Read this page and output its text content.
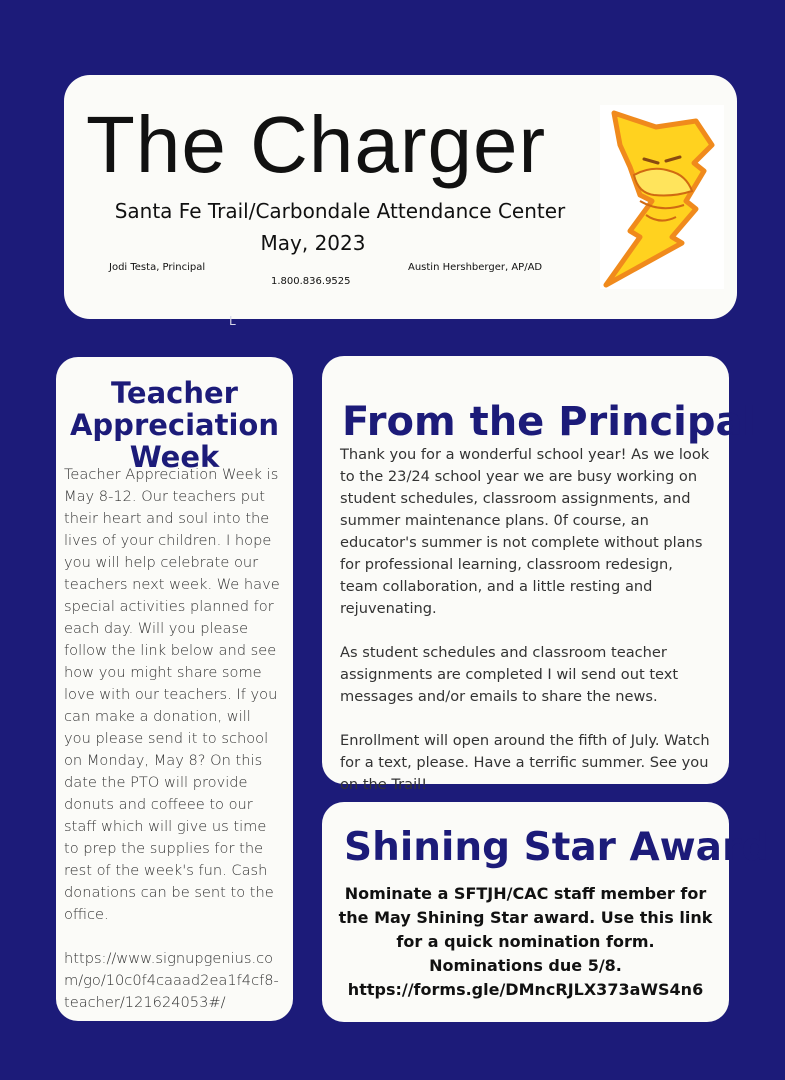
The Charger
Santa Fe Trail/Carbondale Attendance Center
May, 2023
Jodi Testa, Principal	Austin Hershberger, AP/AD
1.800.836.9525
ᒪ
Teacher
Appreciation
Week
Teacher Appreciation Week is May 8-12. Our teachers put their heart and soul into the lives of your children. I hope you will help celebrate our teachers next week. We have special activities planned for each day. Will you please follow the link below and see how you might share some love with our teachers. If you can make a donation, will you please send it to school on Monday, May 8? On this date the PTO will provide donuts and coffeee to our staff which will give us time to prep the supplies for the rest of the week's fun. Cash donations can be sent to the office.
https://www.signupgenius.com/go/10c0f4caaad2ea1f4cf8-teacher/121624053#/
From the Principal

Thank you for a wonderful school year! As we look to the 23/24 school year we are busy working on student schedules, classroom assignments, and summer maintenance plans. 0f course, an educator's summer is not complete without plans for professional learning, classroom redesign, team collaboration, and a little resting and rejuvenating.

As student schedules and classroom teacher assignments are completed I wil send out text messages and/or emails to share the news.

Enrollment will open around the fifth of July. Watch for a text, please. Have a terrific summer. See you on the Trail!

Shining Star Award
Nominate a SFTJH/CAC staff member for
the May Shining Star award. Use this link
for a quick nomination form.
Nominations due 5/8.
https://forms.gle/DMncRJLX373aWS4n6
